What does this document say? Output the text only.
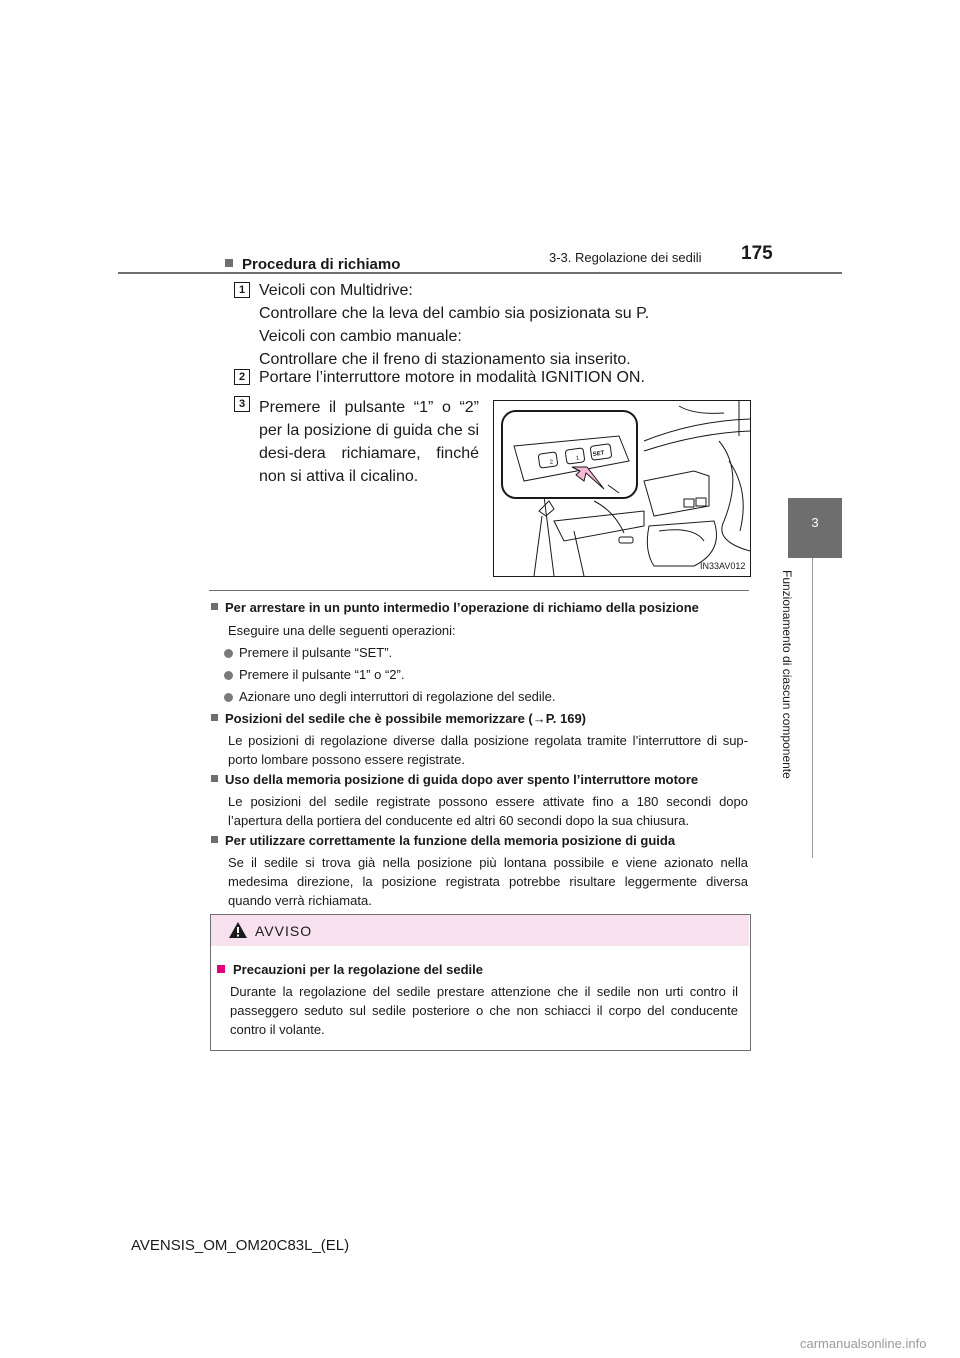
3-3. Regolazione dei sedili 175
3
Funzionamento di ciascun componente
Procedura di richiamo
1 Veicoli con Multidrive:
Controllare che la leva del cambio sia posizionata su P.
Veicoli con cambio manuale:
Controllare che il freno di stazionamento sia inserito.
2 Portare l’interruttore motore in modalità IGNITION ON.
3 Premere il pulsante “1” o “2” per la posizione di guida che si desi-dera richiamare, finché non si attiva il cicalino.
2
1
SET
IN33AV012
Per arrestare in un punto intermedio l’operazione di richiamo della posizione
Eseguire una delle seguenti operazioni:
Premere il pulsante “SET”.
Premere il pulsante “1” o “2”.
Azionare uno degli interruttori di regolazione del sedile.
Posizioni del sedile che è possibile memorizzare (→P. 169)
Le posizioni di regolazione diverse dalla posizione regolata tramite l’interruttore di sup-porto lombare possono essere registrate.
Uso della memoria posizione di guida dopo aver spento l’interruttore motore
Le posizioni del sedile registrate possono essere attivate fino a 180 secondi dopo l’apertura della portiera del conducente ed altri 60 secondi dopo la sua chiusura.
Per utilizzare correttamente la funzione della memoria posizione di guida
Se il sedile si trova già nella posizione più lontana possibile e viene azionato nella medesima direzione, la posizione registrata potrebbe risultare leggermente diversa quando verrà richiamata.
AVVISO
Precauzioni per la regolazione del sedile
Durante la regolazione del sedile prestare attenzione che il sedile non urti contro il passeggero seduto sul sedile posteriore o che non schiacci il corpo del conducente contro il volante.
AVENSIS_OM_OM20C83L_(EL)
carmanualsonline.info
